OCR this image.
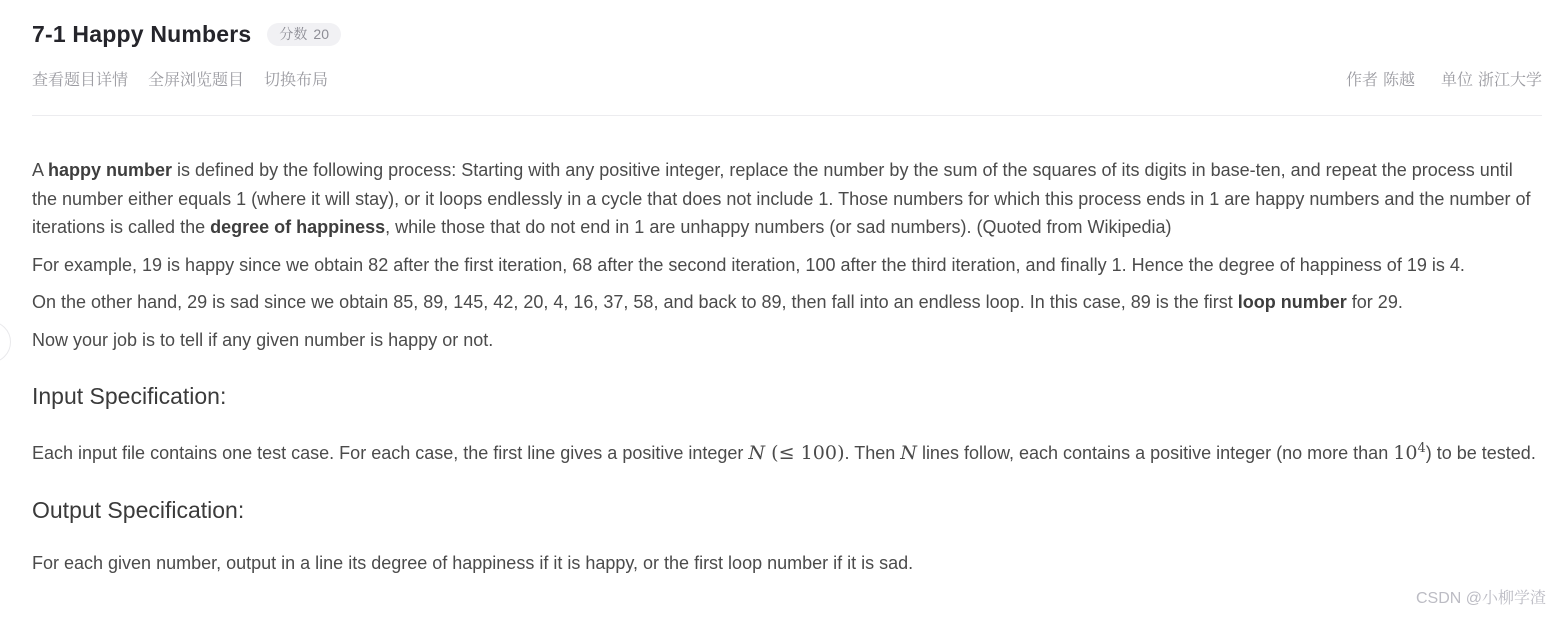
7-1 Happy Numbers 分数 20
查看题目详情 全屏浏览题目 切换布局	作者 陈越 单位 浙江大学

A happy number is defined by the following process: Starting with any positive integer, replace the number by the sum of the squares of its digits in base-ten, and repeat the process until the number either equals 1 (where it will stay), or it loops endlessly in a cycle that does not include 1. Those numbers for which this process ends in 1 are happy numbers and the number of iterations is called the degree of happiness, while those that do not end in 1 are unhappy numbers (or sad numbers). (Quoted from Wikipedia)

For example, 19 is happy since we obtain 82 after the first iteration, 68 after the second iteration, 100 after the third iteration, and finally 1. Hence the degree of happiness of 19 is 4.

On the other hand, 29 is sad since we obtain 85, 89, 145, 42, 20, 4, 16, 37, 58, and back to 89, then fall into an endless loop. In this case, 89 is the first loop number for 29.

Now your job is to tell if any given number is happy or not.

Input Specification:

Each input file contains one test case. For each case, the first line gives a positive integer N (≤ 100). Then N lines follow, each contains a positive integer (no more than $10^4$) to be tested.

Output Specification:

For each given number, output in a line its degree of happiness if it is happy, or the first loop number if it is sad.

CSDN @小柳学渣
